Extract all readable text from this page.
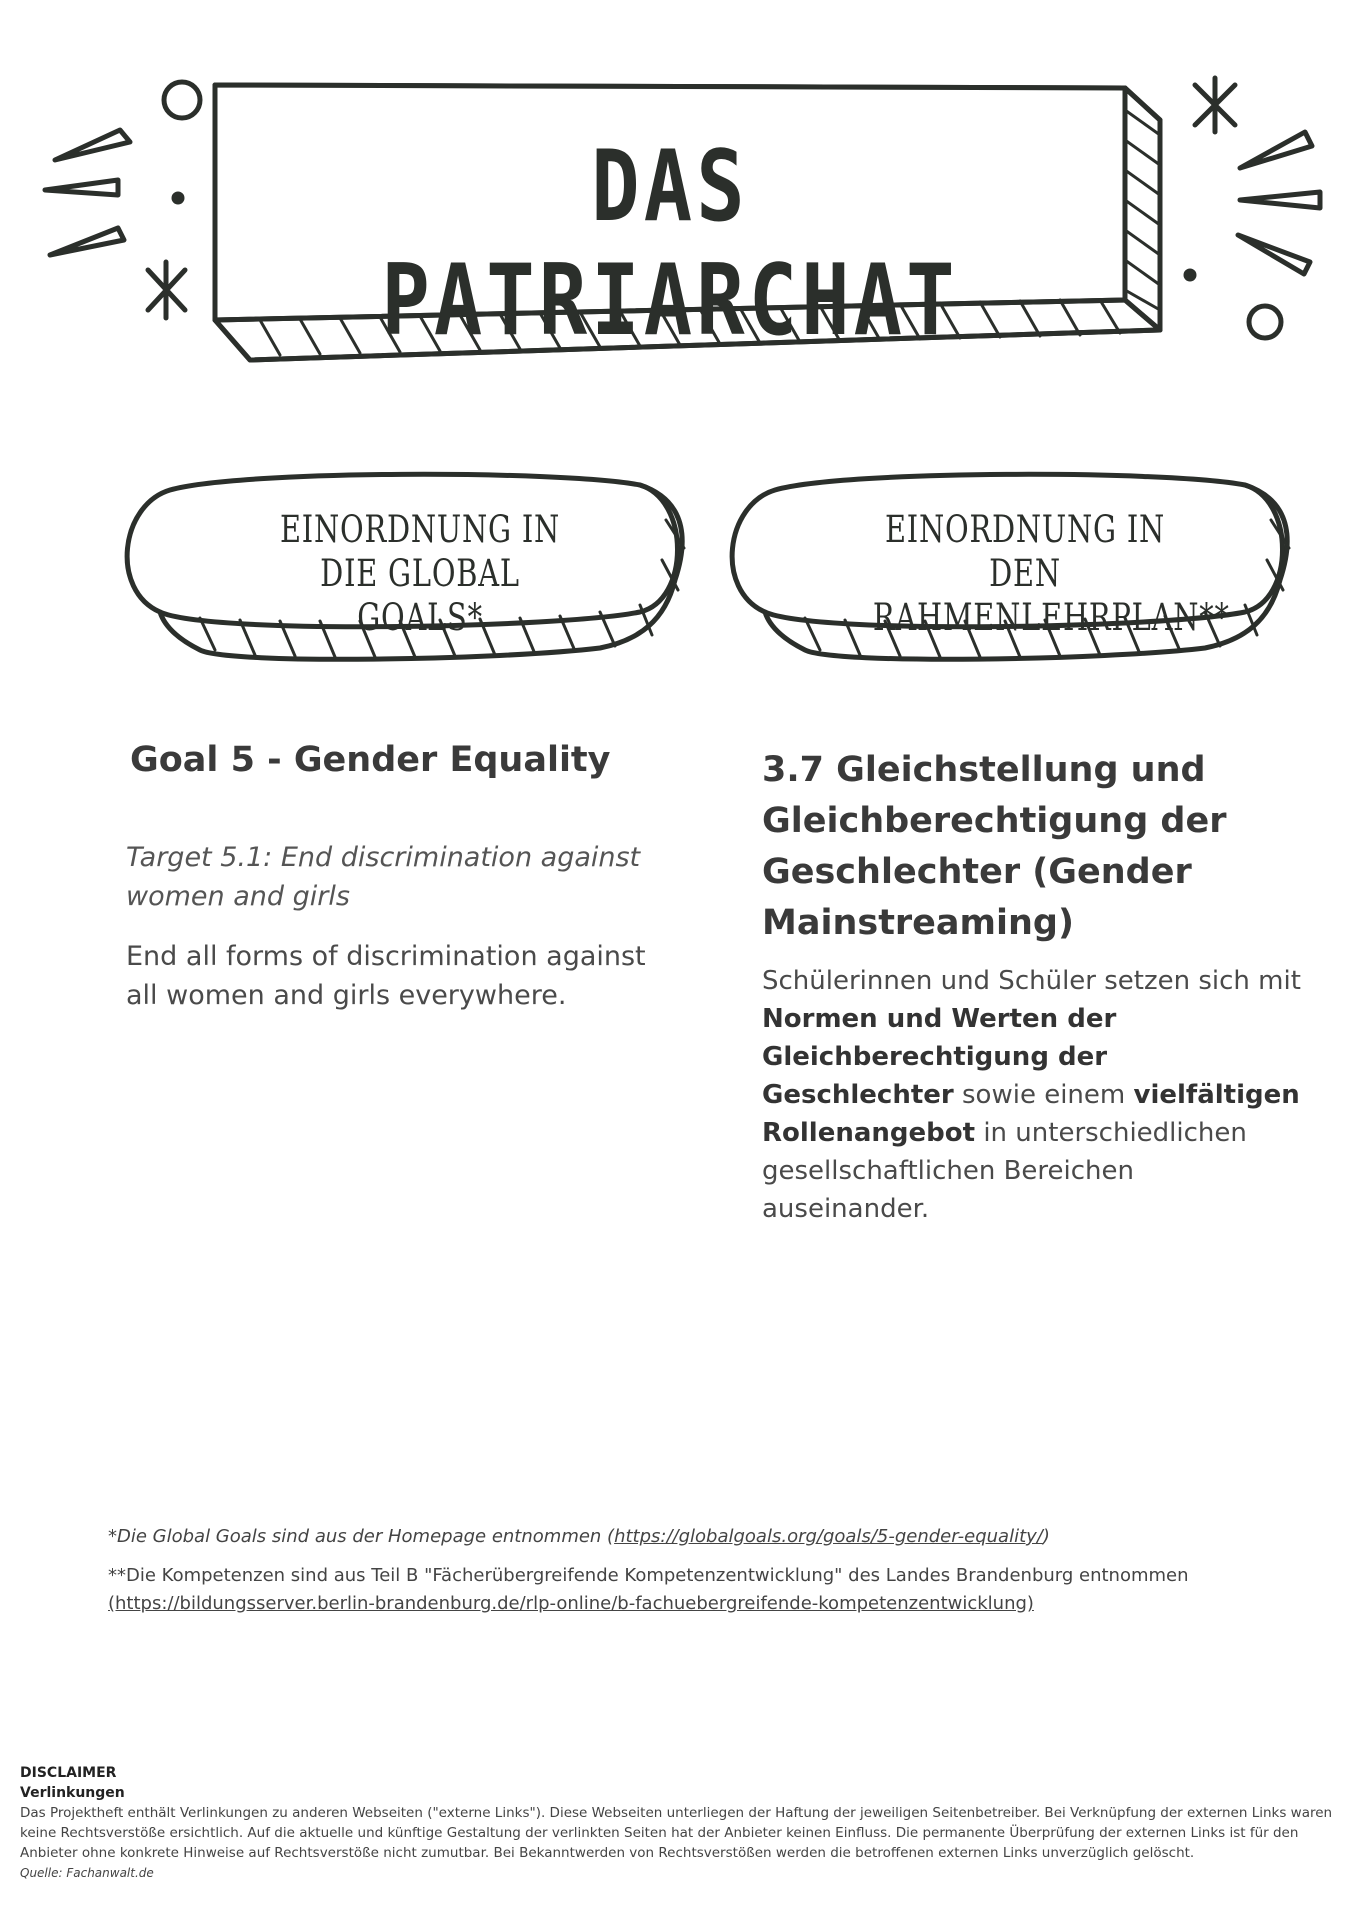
DAS PATRIARCHAT
EINORDNUNG IN DIE GLOBAL GOALS*
EINORDNUNG IN DEN RAHMENLEHRPLAN**
Goal 5 - Gender Equality
Target 5.1: End discrimination against women and girls
End all forms of discrimination against all women and girls everywhere.
3.7 Gleichstellung und Gleichberechtigung der Geschlechter (Gender Mainstreaming)
Schülerinnen und Schüler setzen sich mit Normen und Werten der Gleichberechtigung der Geschlechter sowie einem vielfältigen Rollenangebot in unterschiedlichen gesellschaftlichen Bereichen auseinander.
*Die Global Goals sind aus der Homepage entnommen (https://globalgoals.org/goals/5-gender-equality/)
**Die Kompetenzen sind aus Teil B "Fächerübergreifende Kompetenzentwicklung" des Landes Brandenburg entnommen
(https://bildungsserver.berlin-brandenburg.de/rlp-online/b-fachuebergreifende-kompetenzentwicklung)
DISCLAIMER
Verlinkungen
Das Projektheft enthält Verlinkungen zu anderen Webseiten ("externe Links"). Diese Webseiten unterliegen der Haftung der jeweiligen Seitenbetreiber. Bei Verknüpfung der externen Links waren keine Rechtsverstöße ersichtlich. Auf die aktuelle und künftige Gestaltung der verlinkten Seiten hat der Anbieter keinen Einfluss. Die permanente Überprüfung der externen Links ist für den Anbieter ohne konkrete Hinweise auf Rechtsverstöße nicht zumutbar. Bei Bekanntwerden von Rechtsverstößen werden die betroffenen externen Links unverzüglich gelöscht.
Quelle: Fachanwalt.de
